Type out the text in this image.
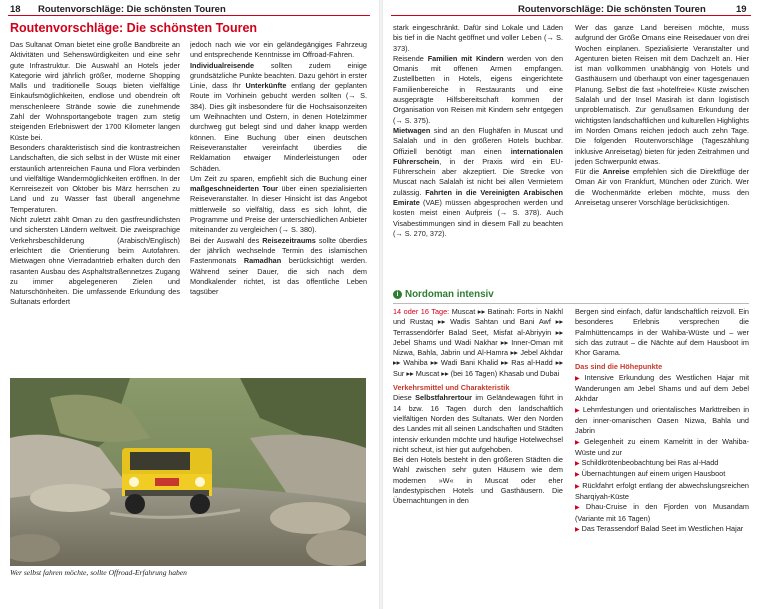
18 Routenvorschläge: Die schönsten Touren
Routenvorschläge: Die schönsten Touren

Das Sultanat Oman bietet eine große Bandbreite an Aktivitäten und Sehenswürdigkeiten und eine sehr gute Infrastruktur. Die Auswahl an Hotels jeder Kategorie wird jährlich größer, moderne Shopping Malls und traditionelle Souqs bieten vielfältige Einkaufsmöglichkeiten, endlose und obendrein oft menschenleere Strände sowie die zunehmende Zahl der Wohnsportangebote tragen zum stetig steigenden Erlebniswert der 1700 Kilometer langen Küste bei.

Besonders charakteristisch sind die kontrastreichen Landschaften, die sich selbst in der Wüste mit einer erstaunlich artenreichen Fauna und Flora verbinden und vielfältige Wandermöglichkeiten eröffnen. In der Kernreisezeit von Oktober bis März herrschen zu Land und zu Wasser fast überall angenehme Temperaturen.

Nicht zuletzt zählt Oman zu den gastfreundlichsten und sichersten Ländern weltweit. Die zweisprachige Verkehrsbeschilderung (Arabisch/Englisch) erleichtert die Orientierung beim Autofahren. Mietwagen ohne Vierradantrieb erhalten durch den rasanten Ausbau des Asphaltstraßennetzes Zugang zu immer abgelegeneren Zielen und Naturschönheiten. Die umfassende Erkundung des Sultanats erfordert

jedoch nach wie vor ein geländegängiges Fahrzeug und entsprechende Kenntnisse im Offroad-Fahren.

Individualreisende sollten zudem einige grundsätzliche Punkte beachten. Dazu gehört in erster Linie, dass Ihr Unterkünfte entlang der geplanten Route im Vorhinein gebucht werden sollten (→ S. 384). Dies gilt insbesondere für die Hochsaisonzeiten um Weihnachten und Ostern, in denen Hotelzimmer durchweg gut belegt sind und daher knapp werden können. Eine Buchung über einen deutschen Reiseveranstalter vereinfacht überdies die Reklamation etwaiger Minderleistungen oder Schäden.

Um Zeit zu sparen, empfiehlt sich die Buchung einer maßgeschneiderten Tour über einen spezialisierten Reiseveranstalter. In dieser Hinsicht ist das Angebot mittlerweile so vielfältig, dass es sich lohnt, die Programme und Preise der unterschiedlichen Anbieter miteinander zu vergleichen (→ S. 380).

Bei der Auswahl des Reisezeitraums sollte überdies der jährlich wechselnde Termin des islamischen Fastenmonats Ramadhan berücksichtigt werden. Während seiner Dauer, die sich nach dem Mondkalender richtet, ist das öffentliche Leben tagsüber

Wer selbst fahren möchte, sollte Offroad-Erfahrung haben
Routenvorschläge: Die schönsten Touren	19

stark eingeschränkt. Dafür sind Lokale und Läden bis tief in die Nacht geöffnet und voller Leben (→ S. 373).

Reisende Familien mit Kindern werden von den Omanis mit offenen Armen empfangen. Zustellbetten in Hotels, eigens eingerichtete Familienbereiche in Restaurants und eine ausgeprägte Hilfsbereitschaft kommen der Organisation von Reisen mit Kindern sehr entgegen (→ S. 375).

Mietwagen sind an den Flughäfen in Muscat und Salalah und in den größeren Hotels buchbar. Offiziell benötigt man einen internationalen Führerschein, in der Praxis wird ein EU-Führerschein aber akzeptiert. Die Strecke von Muscat nach Salalah ist nicht bei allen Vermietern zulässig. Fahrten in die Vereinigten Arabischen Emirate (VAE) müssen abgesprochen werden und kosten meist einen Aufpreis (→ S. 378). Auch Visabestimmungen sind in diesem Fall zu beachten (→ S. 270, 372).

Wer das ganze Land bereisen möchte, muss aufgrund der Größe Omans eine Reisedauer von drei Wochen einplanen. Spezialisierte Veranstalter und Agenturen bieten Reisen mit dem Dachzelt an. Hier ist man vollkommen unabhängig von Hotels und Gasthäusern und überhaupt von einer tagesgenauen Planung. Selbst die fast »hotelfreie« Küste zwischen Salalah und der Insel Masirah ist dann logistisch unproblematisch. Zur genußsamen Erkundung der wichtigsten landschaftlichen und kulturellen Highlights im Norden Omans reichen jedoch auch zehn Tage. Die folgenden Routenvorschläge (Tageszählung inklusive Anreisetag) bieten für jeden Zeitrahmen und jeden Schwerpunkt etwas.

Für die Anreise empfehlen sich die Direktflüge der Oman Air von Frankfurt, München oder Zürich. Wer die Wochenmärkte erleben möchte, muss den Anreisetag unserer Vorschläge berücksichtigen.

i Nordoman intensiv

14 oder 16 Tage: Muscat ▸▸ Batinah: Forts in Nakhl und Rustaq ▸▸ Wadis Sahtan und Bani Awf ▸▸ Terrassendörfer Balad Seet, Misfat al-Abriyyin ▸▸ Jebel Shams und Wadi Nakhar ▸▸ Inner-Oman mit Nizwa, Bahla, Jabrin und Al-Hamra ▸▸ Jebel Akhdar ▸▸ Wahiba ▸▸ Wadi Bani Khalid ▸▸ Ras al-Hadd ▸▸ Sur ▸▸ Muscat ▸▸ (bei 16 Tagen) Khasab und Dubai

Verkehrsmittel und Charakteristik

Diese Selbstfahrertour im Geländewagen führt in 14 bzw. 16 Tagen durch den landschaftlich vielfältigen Norden des Sultanats. Wer den Norden des Landes mit all seinen Landschaften und Städten intensiv erkunden möchte und häufige Hotelwechsel nicht scheut, ist hier gut aufgehoben.

Bei den Hotels besteht in den größeren Städten die Wahl zwischen sehr guten Häusern wie dem modernen »W« in Muscat oder eher landestypischen Hotels und Gasthäusern. Die Übernachtungen in den

Bergen sind einfach, dafür landschaftlich reizvoll. Ein besonderes Erlebnis versprechen die Palmhüttencamps in der Wahiba-Wüste und – wer sich das zutraut – die Nächte auf dem Hausboot im Khor Garama.

Das sind die Höhepunkte

▶ Intensive Erkundung des Westlichen Hajar mit Wanderungen am Jebel Shams und auf dem Jebel Akhdar
▶ Lehmfestungen und orientalisches Markttreiben in den inner-omanischen Oasen Nizwa, Bahla und Jabrin
▶ Gelegenheit zu einem Kamelritt in der Wahiba-Wüste und zur
▶ Schildkrötenbeobachtung bei Ras al-Hadd
▶ Übernachtungen auf einem urigen Hausboot
▶ Rückfahrt erfolgt entlang der abwechslungsreichen Sharqiyah-Küste
▶ Dhau-Cruise in den Fjorden von Musandam (Variante mit 16 Tagen)
▶ Das Terassendorf Balad Seet im Westlichen Hajar
